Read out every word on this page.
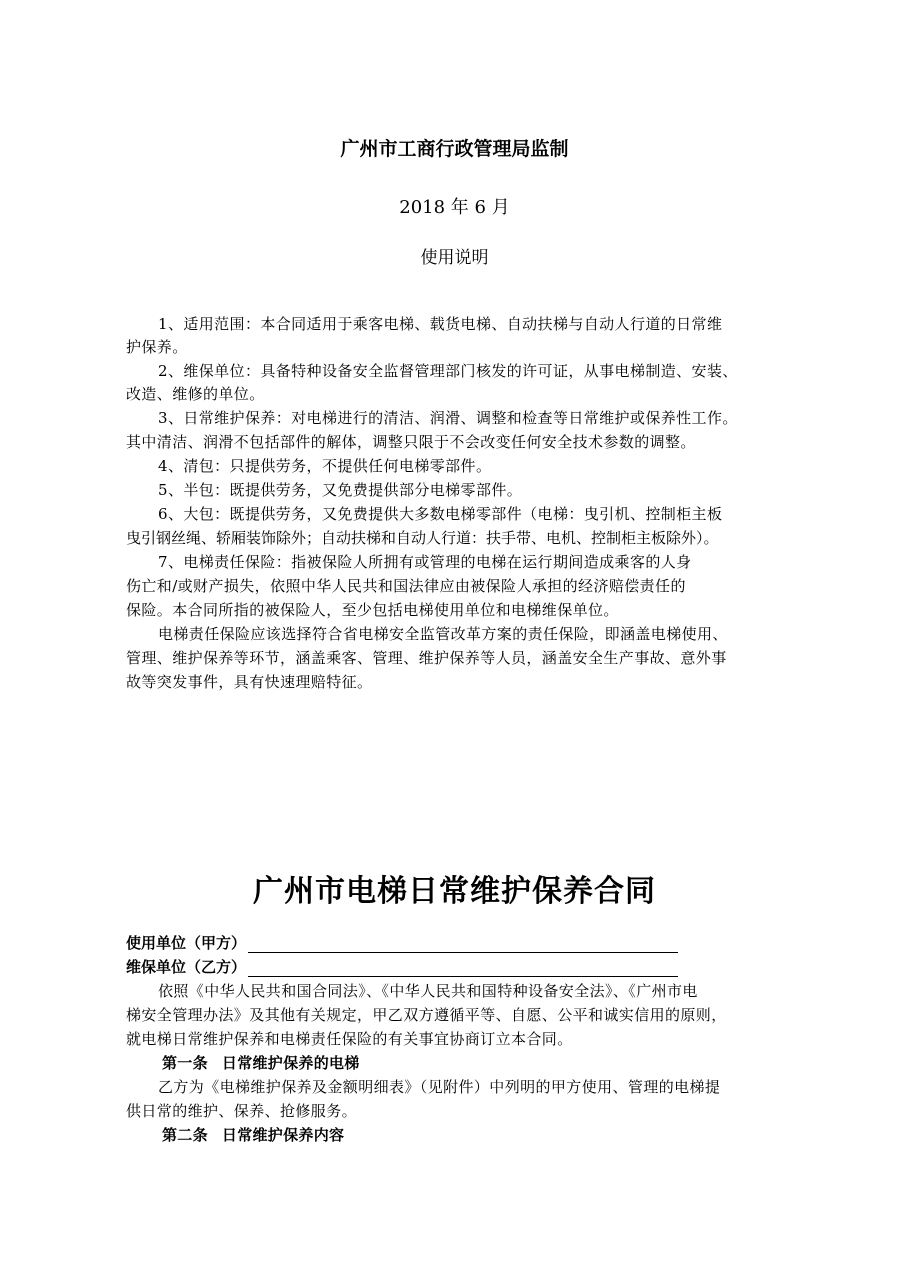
广州市工商行政管理局监制
2018 年 6 月
使用说明
1、适用范围：本合同适用于乘客电梯、载货电梯、自动扶梯与自动人行道的日常维
护保养。
2、维保单位：具备特种设备安全监督管理部门核发的许可证，从事电梯制造、安装、
改造、维修的单位。
3、日常维护保养：对电梯进行的清洁、润滑、调整和检查等日常维护或保养性工作。
其中清洁、润滑不包括部件的解体，调整只限于不会改变任何安全技术参数的调整。
4、清包：只提供劳务，不提供任何电梯零部件。
5、半包：既提供劳务，又免费提供部分电梯零部件。
6、大包：既提供劳务，又免费提供大多数电梯零部件（电梯：曳引机、控制柜主板
曳引钢丝绳、轿厢装饰除外；自动扶梯和自动人行道：扶手带、电机、控制柜主板除外）。
7、电梯责任保险：指被保险人所拥有或管理的电梯在运行期间造成乘客的人身
伤亡和/或财产损失，依照中华人民共和国法律应由被保险人承担的经济赔偿责任的
保险。本合同所指的被保险人，至少包括电梯使用单位和电梯维保单位。
电梯责任保险应该选择符合省电梯安全监管改革方案的责任保险，即涵盖电梯使用、
管理、维护保养等环节，涵盖乘客、管理、维护保养等人员，涵盖安全生产事故、意外事
故等突发事件，具有快速理赔特征。
广州市电梯日常维护保养合同
使用单位（甲方）
维保单位（乙方）
依照《中华人民共和国合同法》、《中华人民共和国特种设备安全法》、《广州市电
梯安全管理办法》及其他有关规定，甲乙双方遵循平等、自愿、公平和诚实信用的原则，
就电梯日常维护保养和电梯责任保险的有关事宜协商订立本合同。
第一条 日常维护保养的电梯
乙方为《电梯维护保养及金额明细表》（见附件）中列明的甲方使用、管理的电梯提
供日常的维护、保养、抢修服务。
第二条 日常维护保养内容
